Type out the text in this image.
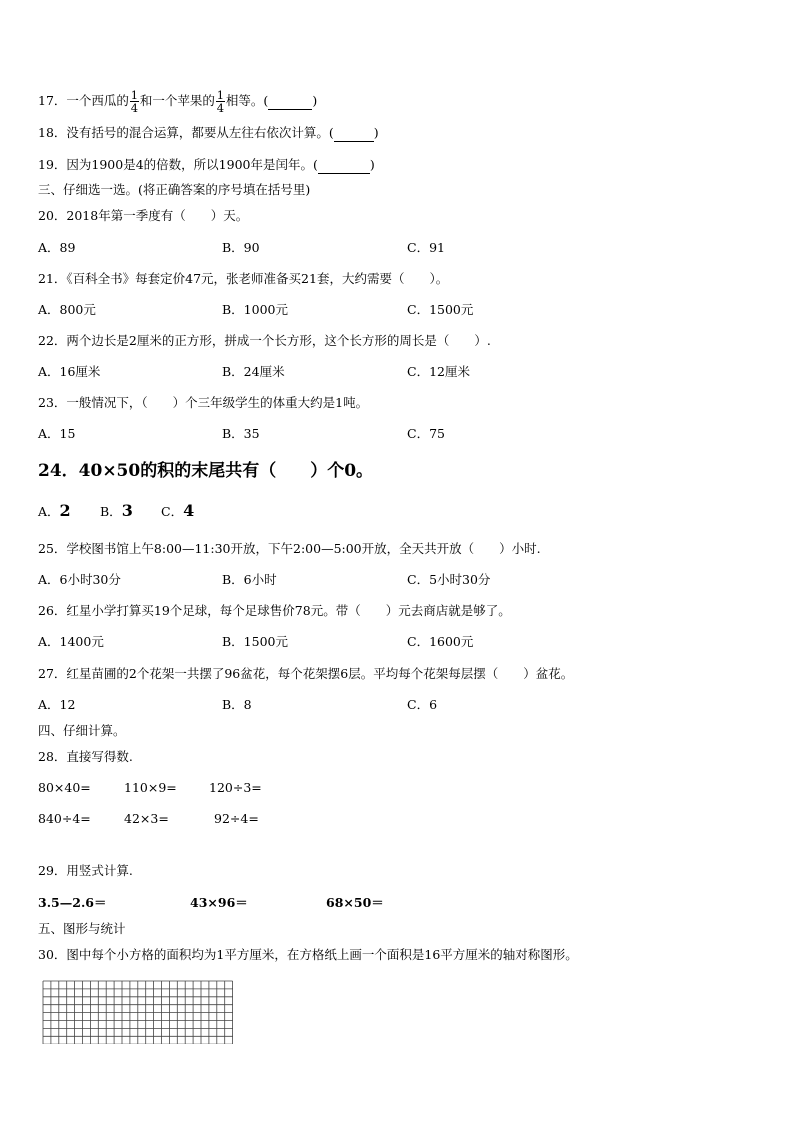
17．一个西瓜的 $\frac{1}{4}$ 和一个苹果的 $\frac{1}{4}$ 相等。(	)
18．没有括号的混合运算，都要从左往右依次计算。(	)
19．因为1900是4的倍数，所以1900年是闰年。(	)
三、仔细选一选。(将正确答案的序号填在括号里)
20．2018年第一季度有（　　）天。
A．89	B．90	C．91
21．《百科全书》每套定价47元，张老师准备买21套，大约需要（　　）。
A．800元	B．1000元	C．1500元
22．两个边长是2厘米的正方形，拼成一个长方形，这个长方形的周长是（　　）.
A．16厘米	B．24厘米	C．12厘米
23．一般情况下，（　　）个三年级学生的体重大约是1吨。
A．15	B．35	C．75
24．40×50的积的末尾共有（　　）个0。
A．2 B．3 C．4
25．学校图书馆上午8:00—11:30开放，下午2:00—5:00开放，全天共开放（　　）小时.
A．6小时30分	B．6小时	C．5小时30分
26．红星小学打算买19个足球，每个足球售价78元。带（　　）元去商店就是够了。
A．1400元	B．1500元	C．1600元
27．红星苗圃的2个花架一共摆了96盆花，每个花架摆6层。平均每个花架每层摆（　　）盆花。
A．12	B．8	C．6
四、仔细计算。
28．直接写得数.
80×40=	110×9=	120÷3=
840÷4=	42×3=	92÷4=
29．用竖式计算.
3.5—2.6＝	43×96＝	68×50＝
五、图形与统计
30．图中每个小方格的面积均为1平方厘米，在方格纸上画一个面积是16平方厘米的轴对称图形。
